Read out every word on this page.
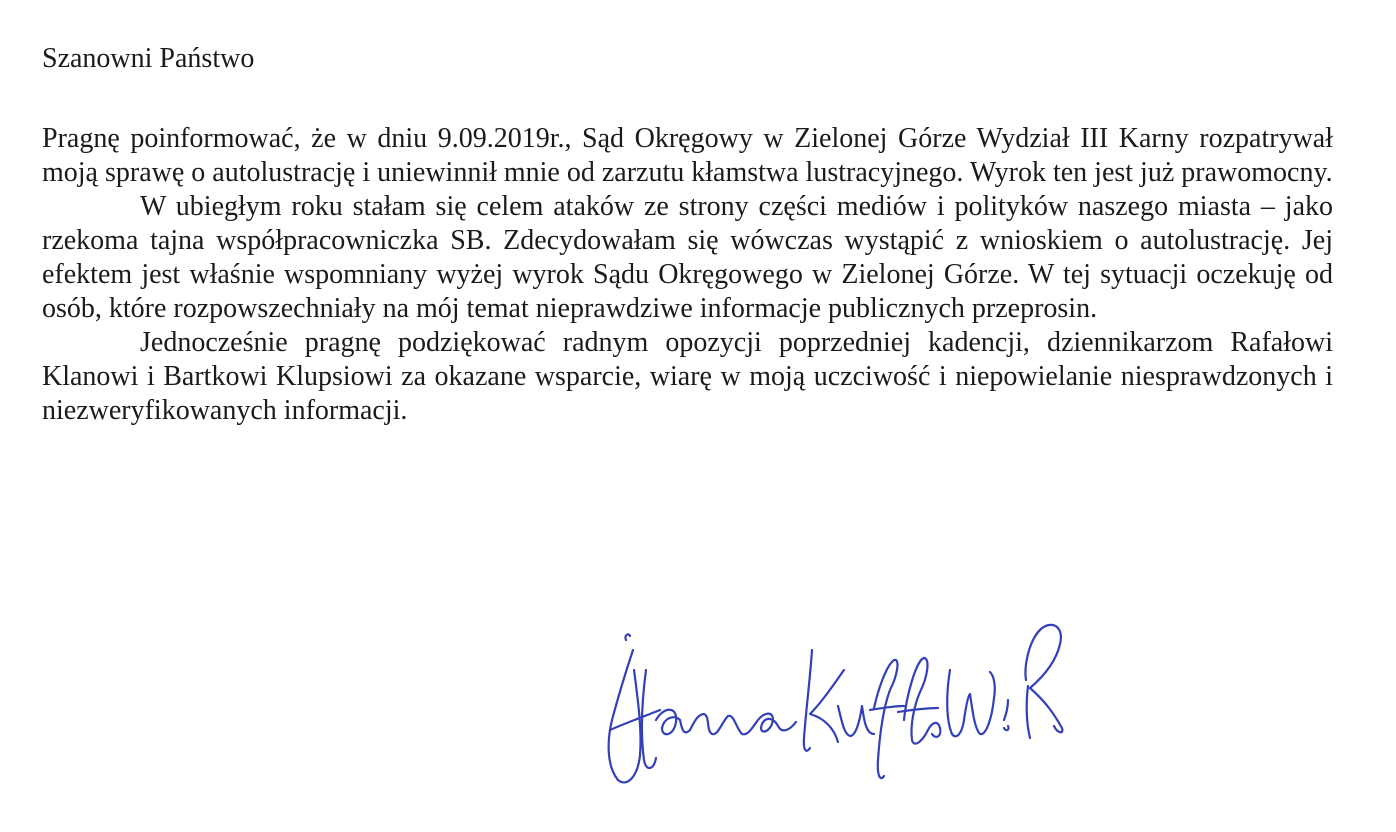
Szanowni Państwo

Pragnę poinformować, że w dniu 9.09.2019r., Sąd Okręgowy w Zielonej Górze Wydział III Karny rozpatrywał moją sprawę o autolustrację i uniewinnił mnie od zarzutu kłamstwa lustracyjnego. Wyrok ten jest już prawomocny.

W ubiegłym roku stałam się celem ataków ze strony części mediów i polityków naszego miasta – jako rzekoma tajna współpracowniczka SB. Zdecydowałam się wówczas wystąpić z wnioskiem o autolustrację. Jej efektem jest właśnie wspomniany wyżej wyrok Sądu Okręgowego w Zielonej Górze. W tej sytuacji oczekuję od osób, które rozpowszechniały na mój temat nieprawdziwe informacje publicznych przeprosin.

Jednocześnie pragnę podziękować radnym opozycji poprzedniej kadencji, dziennikarzom Rafałowi Klanowi i Bartkowi Klupsiowi za okazane wsparcie, wiarę w moją uczciwość i niepowielanie niesprawdzonych i niezweryfikowanych informacji.
